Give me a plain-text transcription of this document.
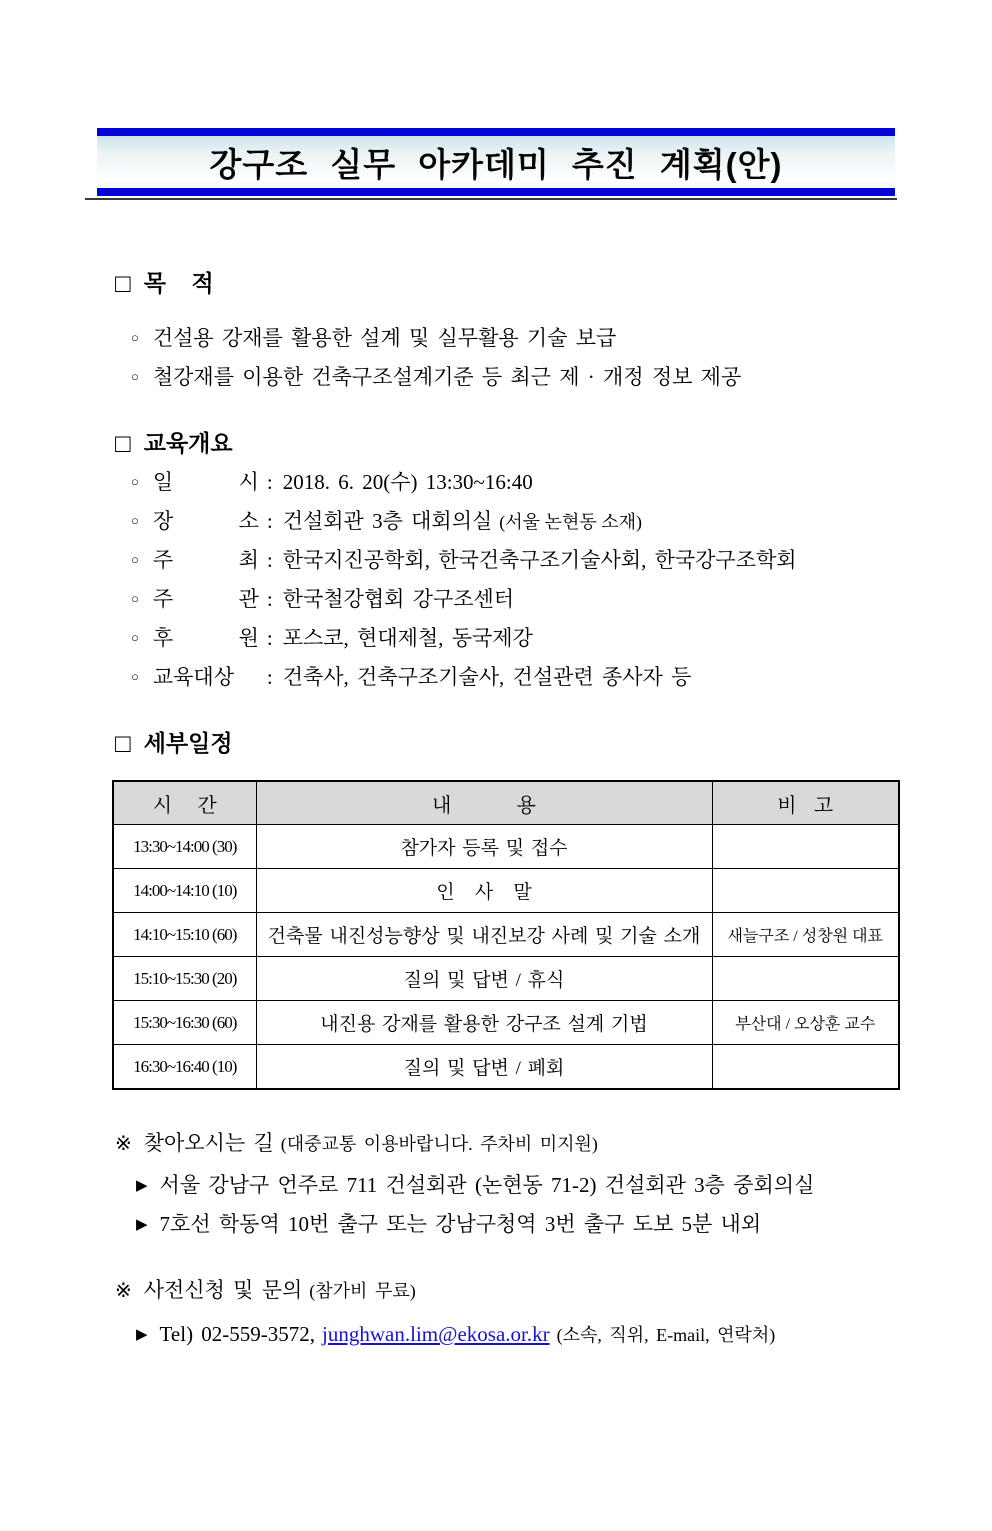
강구조 실무 아카데미 추진 계획(안)
□ 목    적
○ 건설용 강재를 활용한 설계 및 실무활용 기술 보급
○ 철강재를 이용한 건축구조설계기준 등 최근 제 · 개정 정보 제공
□ 교육개요
○ 일 시 : 2018. 6. 20(수) 13:30~16:40
○ 장 소 : 건설회관 3층 대회의실 (서울 논현동 소재)
○ 주 최 : 한국지진공학회, 한국건축구조기술사회, 한국강구조학회
○ 주 관 : 한국철강협회 강구조센터
○ 후 원 : 포스코, 현대제철, 동국제강
○ 교육대상	: 건축사, 건축구조기술사, 건설관련 종사자 등
□ 세부일정
시 간	내 용	비 고
13:30~14:00 (30)	참가자 등록 및 접수	
14:00~14:10 (10)	인   사   말	
14:10~15:10 (60)	건축물 내진성능향상 및 내진보강 사례 및 기술 소개	새늘구조 / 성창원 대표
15:10~15:30 (20)	질의 및 답변 / 휴식	
15:30~16:30 (60)	내진용 강재를 활용한 강구조 설계 기법	부산대 / 오상훈 교수
16:30~16:40 (10)	질의 및 답변 / 폐회	
※ 찾아오시는 길 (대중교통 이용바랍니다. 주차비 미지원)
▶ 서울 강남구 언주로 711 건설회관 (논현동 71-2) 건설회관 3층 중회의실
▶ 7호선 학동역 10번 출구 또는 강남구청역 3번 출구 도보 5분 내외
※ 사전신청 및 문의 (참가비 무료)
▶ Tel) 02-559-3572, junghwan.lim@ekosa.or.kr (소속, 직위, E-mail, 연락처)
